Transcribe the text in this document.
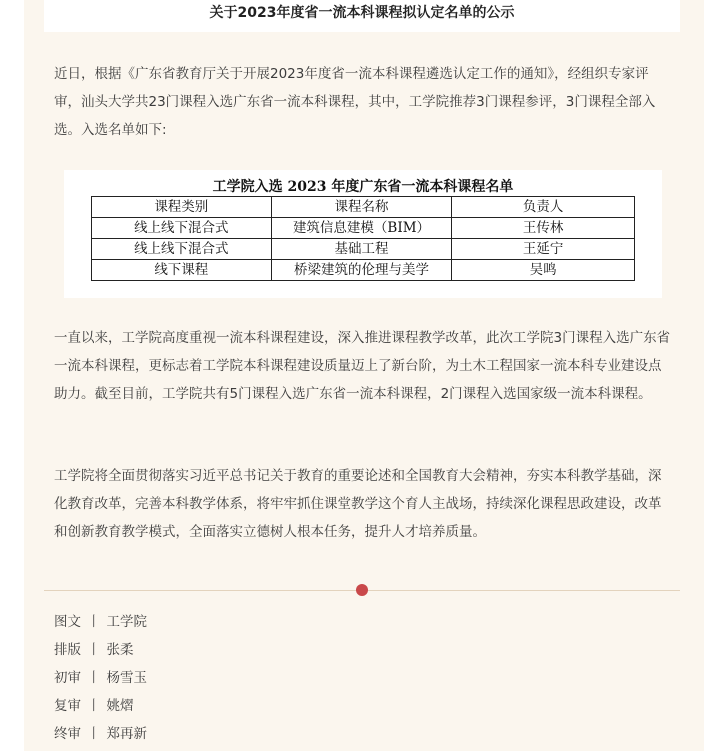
关于2023年度省一流本科课程拟认定名单的公示

近日，根据《广东省教育厅关于开展2023年度省一流本科课程遴选认定工作的通知》，经组织专家评审，汕头大学共23门课程入选广东省一流本科课程，其中，工学院推荐3门课程参评，3门课程全部入选。入选名单如下:

工学院入选 2023 年度广东省一流本科课程名单
课程类别	课程名称	负责人
线上线下混合式	建筑信息建模（BIM）	王传林
线上线下混合式	基础工程	王延宁
线下课程	桥梁建筑的伦理与美学	吴鸣

一直以来，工学院高度重视一流本科课程建设，深入推进课程教学改革，此次工学院3门课程入选广东省一流本科课程，更标志着工学院本科课程建设质量迈上了新台阶，为土木工程国家一流本科专业建设点助力。截至目前，工学院共有5门课程入选广东省一流本科课程，2门课程入选国家级一流本科课程。

工学院将全面贯彻落实习近平总书记关于教育的重要论述和全国教育大会精神，夯实本科教学基础，深化教育改革，完善本科教学体系，将牢牢抓住课堂教学这个育人主战场，持续深化课程思政建设，改革和创新教育教学模式，全面落实立德树人根本任务，提升人才培养质量。

图文 丨 工学院
排版 丨 张柔
初审 丨 杨雪玉
复审 丨 姚熠
终审 丨 郑再新
